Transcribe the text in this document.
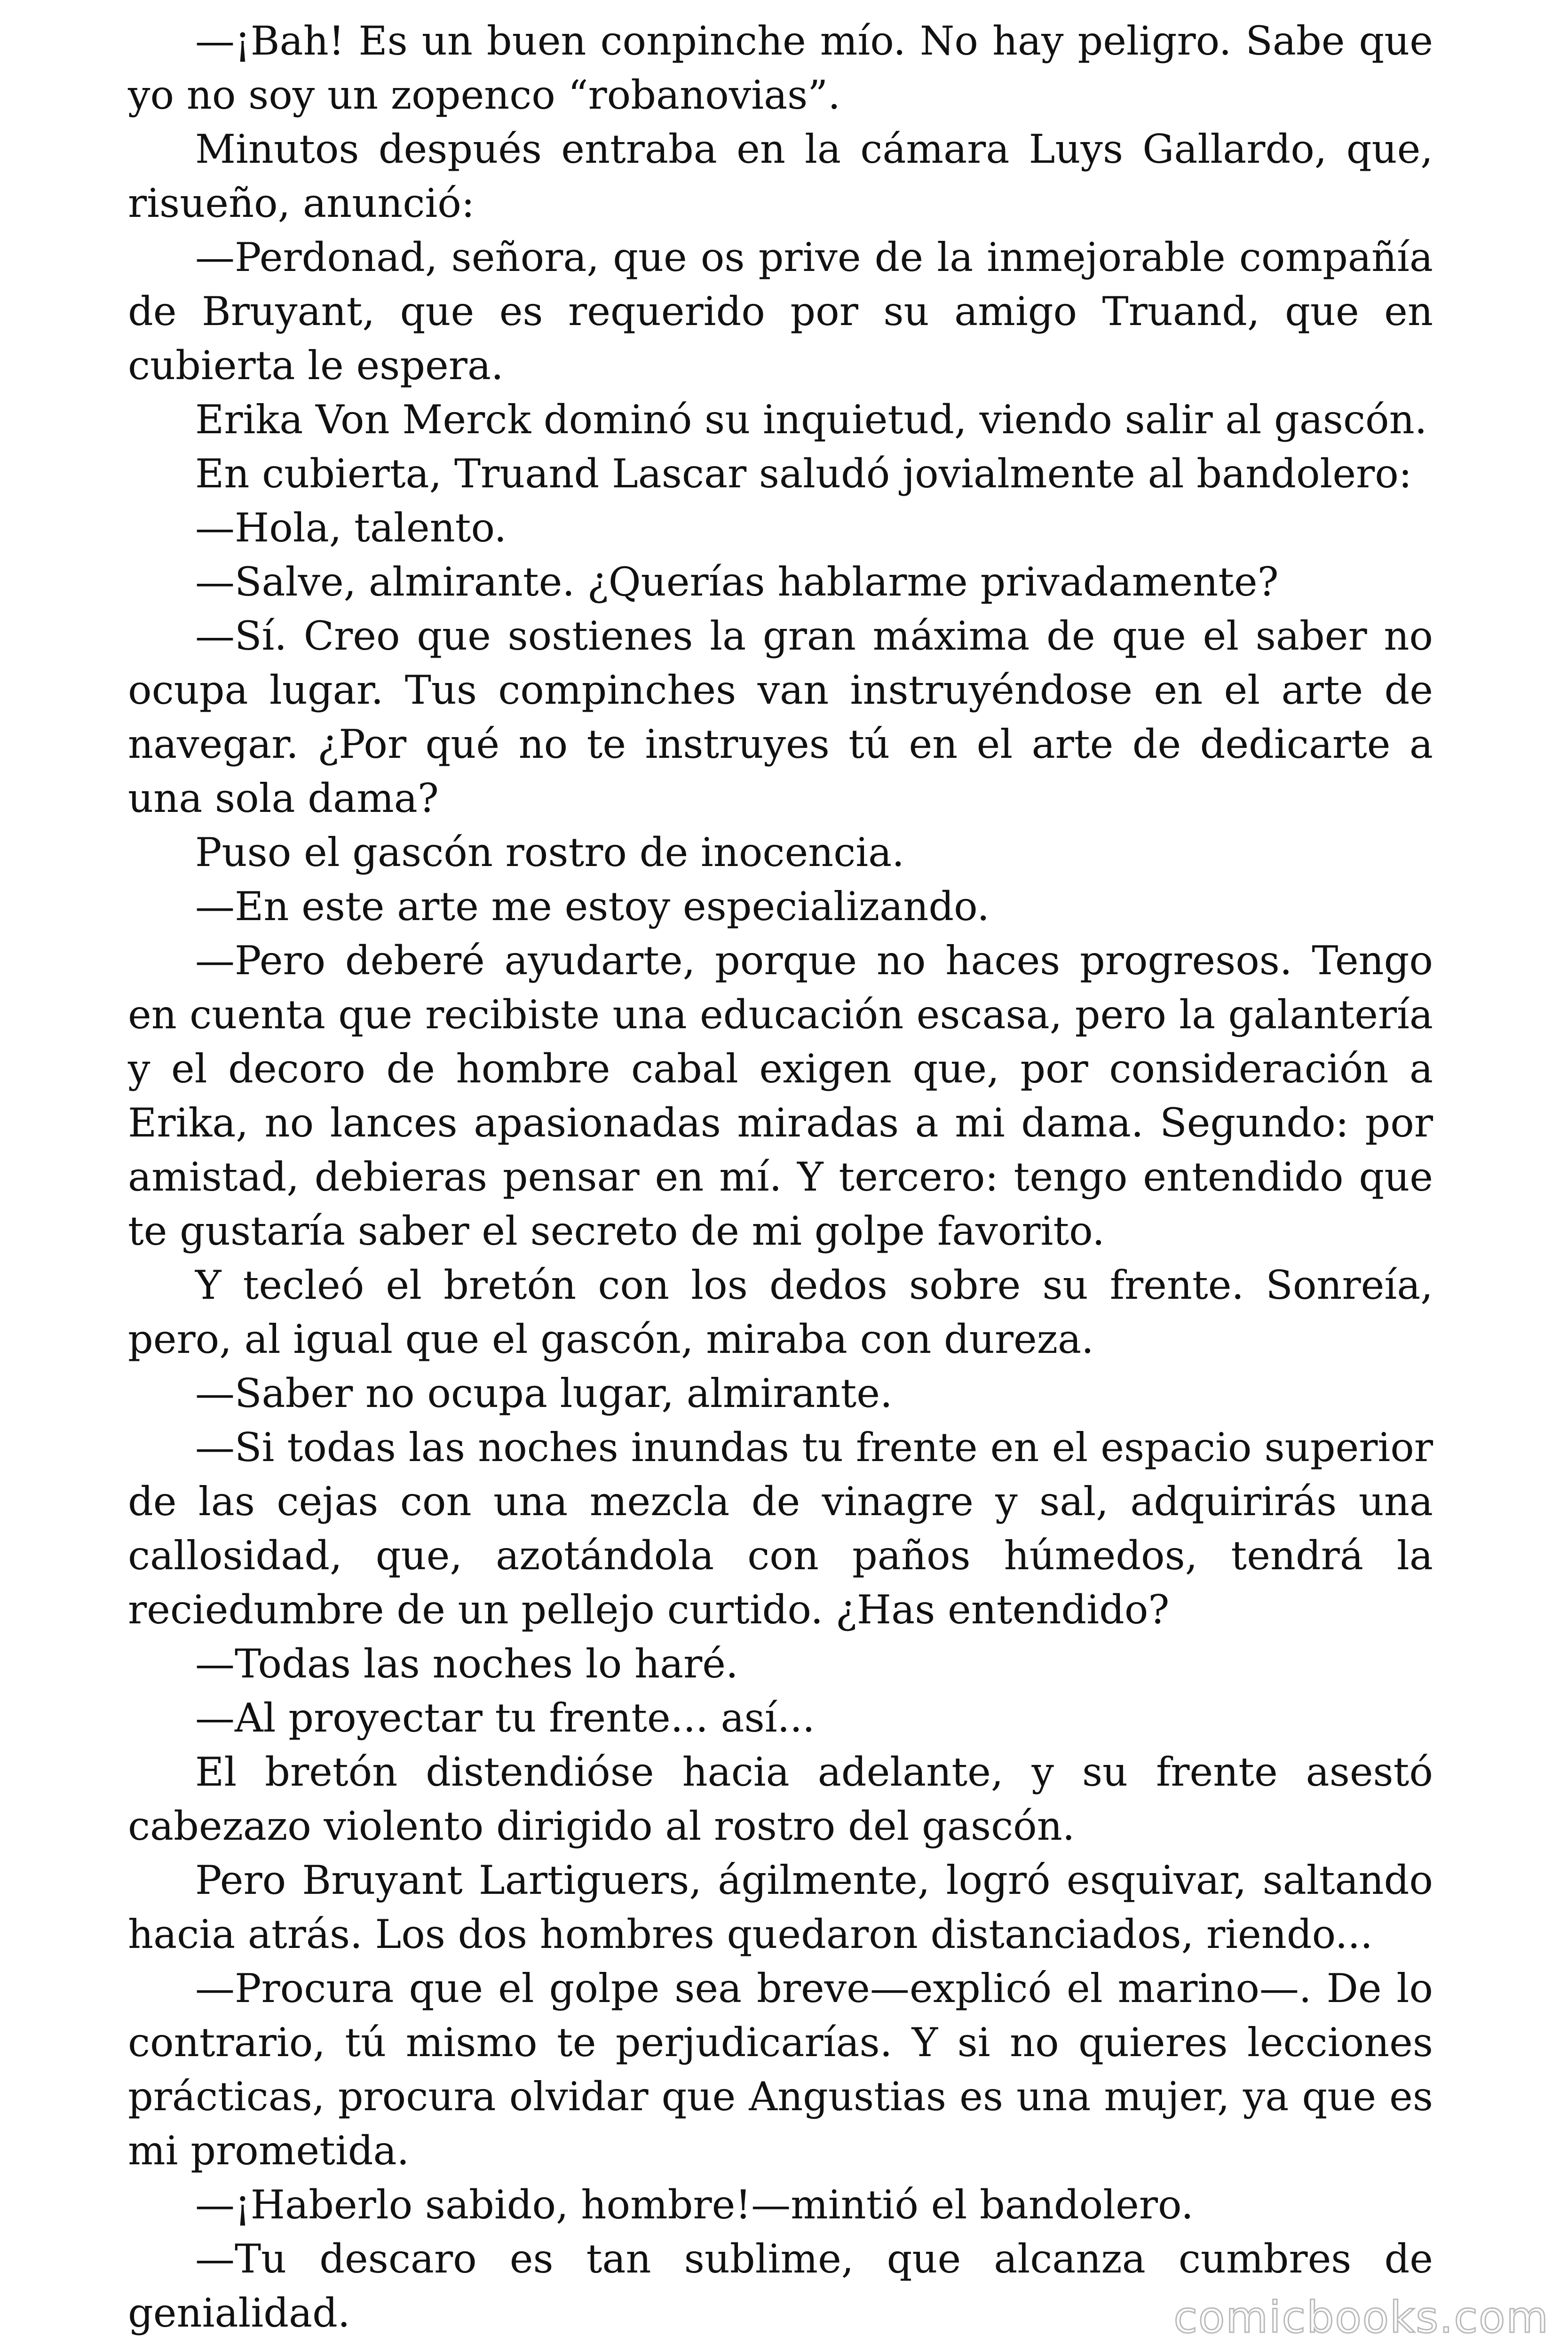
—¡Bah! Es un buen conpinche mío. No hay peligro. Sabe que yo no soy un zopenco “robanovias”.

Minutos después entraba en la cámara Luys Gallardo, que, risueño, anunció:

—Perdonad, señora, que os prive de la inmejorable compañía de Bruyant, que es requerido por su amigo Truand, que en cubierta le espera.

Erika Von Merck dominó su inquietud, viendo salir al gascón.

En cubierta, Truand Lascar saludó jovialmente al bandolero:

—Hola, talento.

—Salve, almirante. ¿Querías hablarme privadamente?

—Sí. Creo que sostienes la gran máxima de que el saber no ocupa lugar. Tus compinches van instruyéndose en el arte de navegar. ¿Por qué no te instruyes tú en el arte de dedicarte a una sola dama?

Puso el gascón rostro de inocencia.

—En este arte me estoy especializando.

—Pero deberé ayudarte, porque no haces progresos. Tengo en cuenta que recibiste una educación escasa, pero la galantería y el decoro de hombre cabal exigen que, por consideración a Erika, no lances apasionadas miradas a mi dama. Segundo: por amistad, debieras pensar en mí. Y tercero: tengo entendido que te gustaría saber el secreto de mi golpe favorito.

Y tecleó el bretón con los dedos sobre su frente. Sonreía, pero, al igual que el gascón, miraba con dureza.

—Saber no ocupa lugar, almirante.

—Si todas las noches inundas tu frente en el espacio superior de las cejas con una mezcla de vinagre y sal, adquirirás una callosidad, que, azotándola con paños húmedos, tendrá la reciedumbre de un pellejo curtido. ¿Has entendido?

—Todas las noches lo haré.

—Al proyectar tu frente... así...

El bretón distendióse hacia adelante, y su frente asestó cabezazo violento dirigido al rostro del gascón.

Pero Bruyant Lartiguers, ágilmente, logró esquivar, saltando hacia atrás. Los dos hombres quedaron distanciados, riendo...

—Procura que el golpe sea breve—explicó el marino—. De lo contrario, tú mismo te perjudicarías. Y si no quieres lecciones prácticas, procura olvidar que Angustias es una mujer, ya que es mi prometida.

—¡Haberlo sabido, hombre!—mintió el bandolero.

—Tu descaro es tan sublime, que alcanza cumbres de genialidad.	comicbooks.com
